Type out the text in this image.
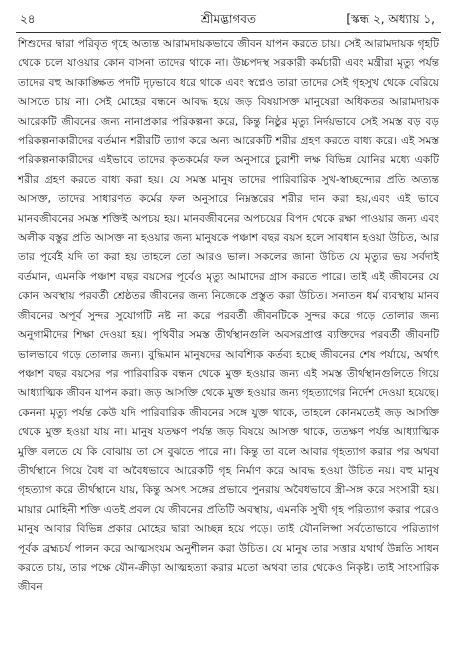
২৪	শ্রীমদ্ভাগবত	[স্কন্ধ ২, অধ্যায় ১,
শিশুদের দ্বারা পরিবৃত গৃহে অত্যন্ত আরামদায়কভাবে জীবন যাপন করতে চায়। সেই আরামদায়ক গৃহটি থেকে চলে যাওয়ার কোন বাসনা তাদের থাকে না। উচ্চপদস্থ সরকারী কর্মচারী এবং মন্ত্রীরা মৃত্যু পর্যন্ত তাদের বহু আকাঙ্ক্ষিত পদটি দৃঢ়ভাবে ধরে থাকে এবং স্বপ্নেও তারা তাদের সেই গৃহসুখ থেকে বেরিয়ে আসতে চায় না। সেই মোহের বন্ধনে আবদ্ধ হয়ে জড় বিষয়াসক্ত মানুষেরা অধিকতর আরামদায়ক আরেকটি জীবনের জন্য নানাপ্রকার পরিকল্পনা করে, কিন্তু নিষ্ঠুর মৃত্যু নির্দয়ভাবে সেই সমস্ত বড় বড় পরিকল্পনাকারীদের বর্তমান শরীরটি ত্যাগ করে অন্য আরেকটি শরীর গ্রহণ করতে বাধ্য করে। এই সমস্ত পরিকল্পনাকারীদের এইভাবে তাদের কৃতকর্মের ফল অনুসারে চুরাশী লক্ষ বিভিন্ন যোনির মধ্যে একটি শরীর গ্রহণ করতে বাধ্য করা হয়। যে সমস্ত মানুষ তাদের পারিবারিক সুখ-স্বাচ্ছন্দ্যের প্রতি অত্যন্ত আসক্ত, তাদের সাধারণত কর্মের ফল অনুসারে নিম্নস্তরের শরীর দান করা হয়,এবং এই ভাবে মানবজীবনের সমস্ত শক্তিই অপচয় হয়। মানবজীবনের অপচয়ের বিপদ থেকে রক্ষা পাওয়ার জন্য এবং অলীক বস্তুর প্রতি আসক্ত না হওয়ার জন্য মানুষকে পঞ্চাশ বছর বয়স হলে সাবধান হওয়া উচিত, আর তার পূর্বেই যদি তা করা হয় তাহলে তো আরও ভাল। সকলের জানা উচিত যে মৃত্যুর ভয় সর্বদাই বর্তমান, এমনকি পঞ্চাশ বছর বয়সের পূর্বেও মৃত্যু আমাদের গ্রাস করতে পারে। তাই এই জীবনের যে কোন অবস্থায় পরবর্তী শ্রেষ্ঠতর জীবনের জন্য নিজেকে প্রস্তুত করা উচিত। সনাতন ধর্ম ব্যবস্থায় মানব জীবনের অপূর্ব সুন্দর সুযোগটি নষ্ট না করে পরবর্তী জীবনটিকে সুন্দর করে গড়ে তোলার জন্য অনুগামীদের শিক্ষা দেওয়া হয়। পৃথিবীর সমস্ত তীর্থস্থানগুলি অবসরপ্রাপ্ত ব্যক্তিদের পরবর্তী জীবনটি ভালভাবে গড়ে তোলার জন্য। বুদ্ধিমান মানুষদের আবশ্যিক কর্তব্য হচ্ছে জীবনের শেষ পর্যায়ে, অর্থাৎ পঞ্চাশ বছর বয়সের পর পারিবারিক বন্ধন থেকে মুক্ত হওয়ার জন্য এই সমস্ত তীর্থস্থানগুলিতে গিয়ে আধ্যাত্মিক জীবন যাপন করা। জড় আসক্তি থেকে মুক্ত হওয়ার জন্য গৃহত্যাগের নির্দেশ দেওয়া হয়েছে। কেননা মৃত্যু পর্যন্ত কেউ যদি পারিবারিক জীবনের সঙ্গে যুক্ত থাকে, তাহলে কোনমতেই জড় আসক্তি থেকে মুক্ত হওয়া যায় না। মানুষ যতক্ষণ পর্যন্ত জড় বিষয়ে আসক্ত থাকে, ততক্ষণ পর্যন্ত আধ্যাত্মিক মুক্তি বলতে যে কি বোঝায় তা সে বুঝতে পারে না। কিন্তু তা বলে আবার গৃহত্যাগ করার পর অথবা তীর্থস্থানে গিয়ে বৈধ বা অবৈধভাবে আরেকটি গৃহ নির্মাণ করে আবদ্ধ হওয়া উচিত নয়। বহু মানুষ গৃহত্যাগ করে তীর্থস্থানে যায়, কিন্তু অসৎ সঙ্গের প্রভাবে পুনরায় অবৈধভাবে স্ত্রী-সঙ্গ করে সংসারী হয়। মায়ার মোহিনী শক্তি এতই প্রবল যে জীবনের প্রতিটি অবস্থায়, এমনকি সুখী গৃহ পরিত্যাগ করার পরেও মানুষ আবার বিভিন্ন প্রকার মোহের দ্বারা আচ্ছন্ন হয়ে পড়ে। তাই যৌনলিপ্সা সর্বতোভাবে পরিত্যাগ পূর্বক ব্রহ্মচর্য পালন করে আত্মসংযম অনুশীলন করা উচিত। যে মানুষ তার সত্তার যথার্থ উন্নতি সাধন করতে চায়, তার পক্ষে যৌন-ক্রীড়া আত্মহত্যা করার মতো অথবা তার থেকেও নিকৃষ্ট। তাই সাংসারিক জীবন
